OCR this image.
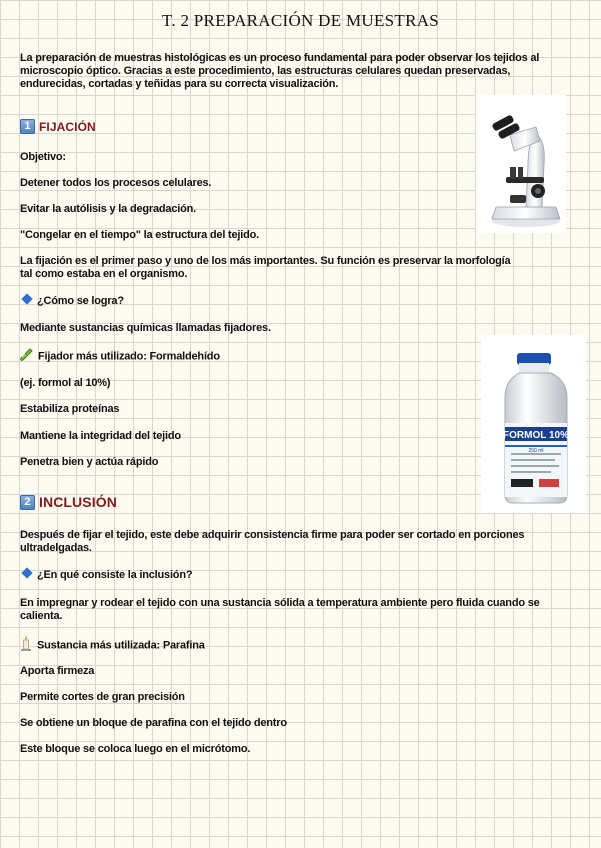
T. 2 PREPARACIÓN DE MUESTRAS

La preparación de muestras histológicas es un proceso fundamental para poder observar los tejidos al microscopio óptico. Gracias a este procedimiento, las estructuras celulares quedan preservadas, endurecidas, cortadas y teñidas para su correcta visualización.

1 FIJACIÓN

Objetivo:

Detener todos los procesos celulares.

Evitar la autólisis y la degradación.

"Congelar en el tiempo" la estructura del tejido.

La fijación es el primer paso y uno de los más importantes. Su función es preservar la morfología tal como estaba en el organismo.

¿Cómo se logra?

Mediante sustancias químicas llamadas fijadores.

Fijador más utilizado: Formaldehído

(ej. formol al 10%)

Estabiliza proteínas

Mantiene la integridad del tejido

Penetra bien y actúa rápido

2 INCLUSIÓN

Después de fijar el tejido, este debe adquirir consistencia firme para poder ser cortado en porciones ultradelgadas.

¿En qué consiste la inclusión?

En impregnar y rodear el tejido con una sustancia sólida a temperatura ambiente pero fluida cuando se calienta.

Sustancia más utilizada: Parafina

Aporta firmeza

Permite cortes de gran precisión

Se obtiene un bloque de parafina con el tejido dentro

Este bloque se coloca luego en el micrótomo.

FORMOL 10%
250 ml
